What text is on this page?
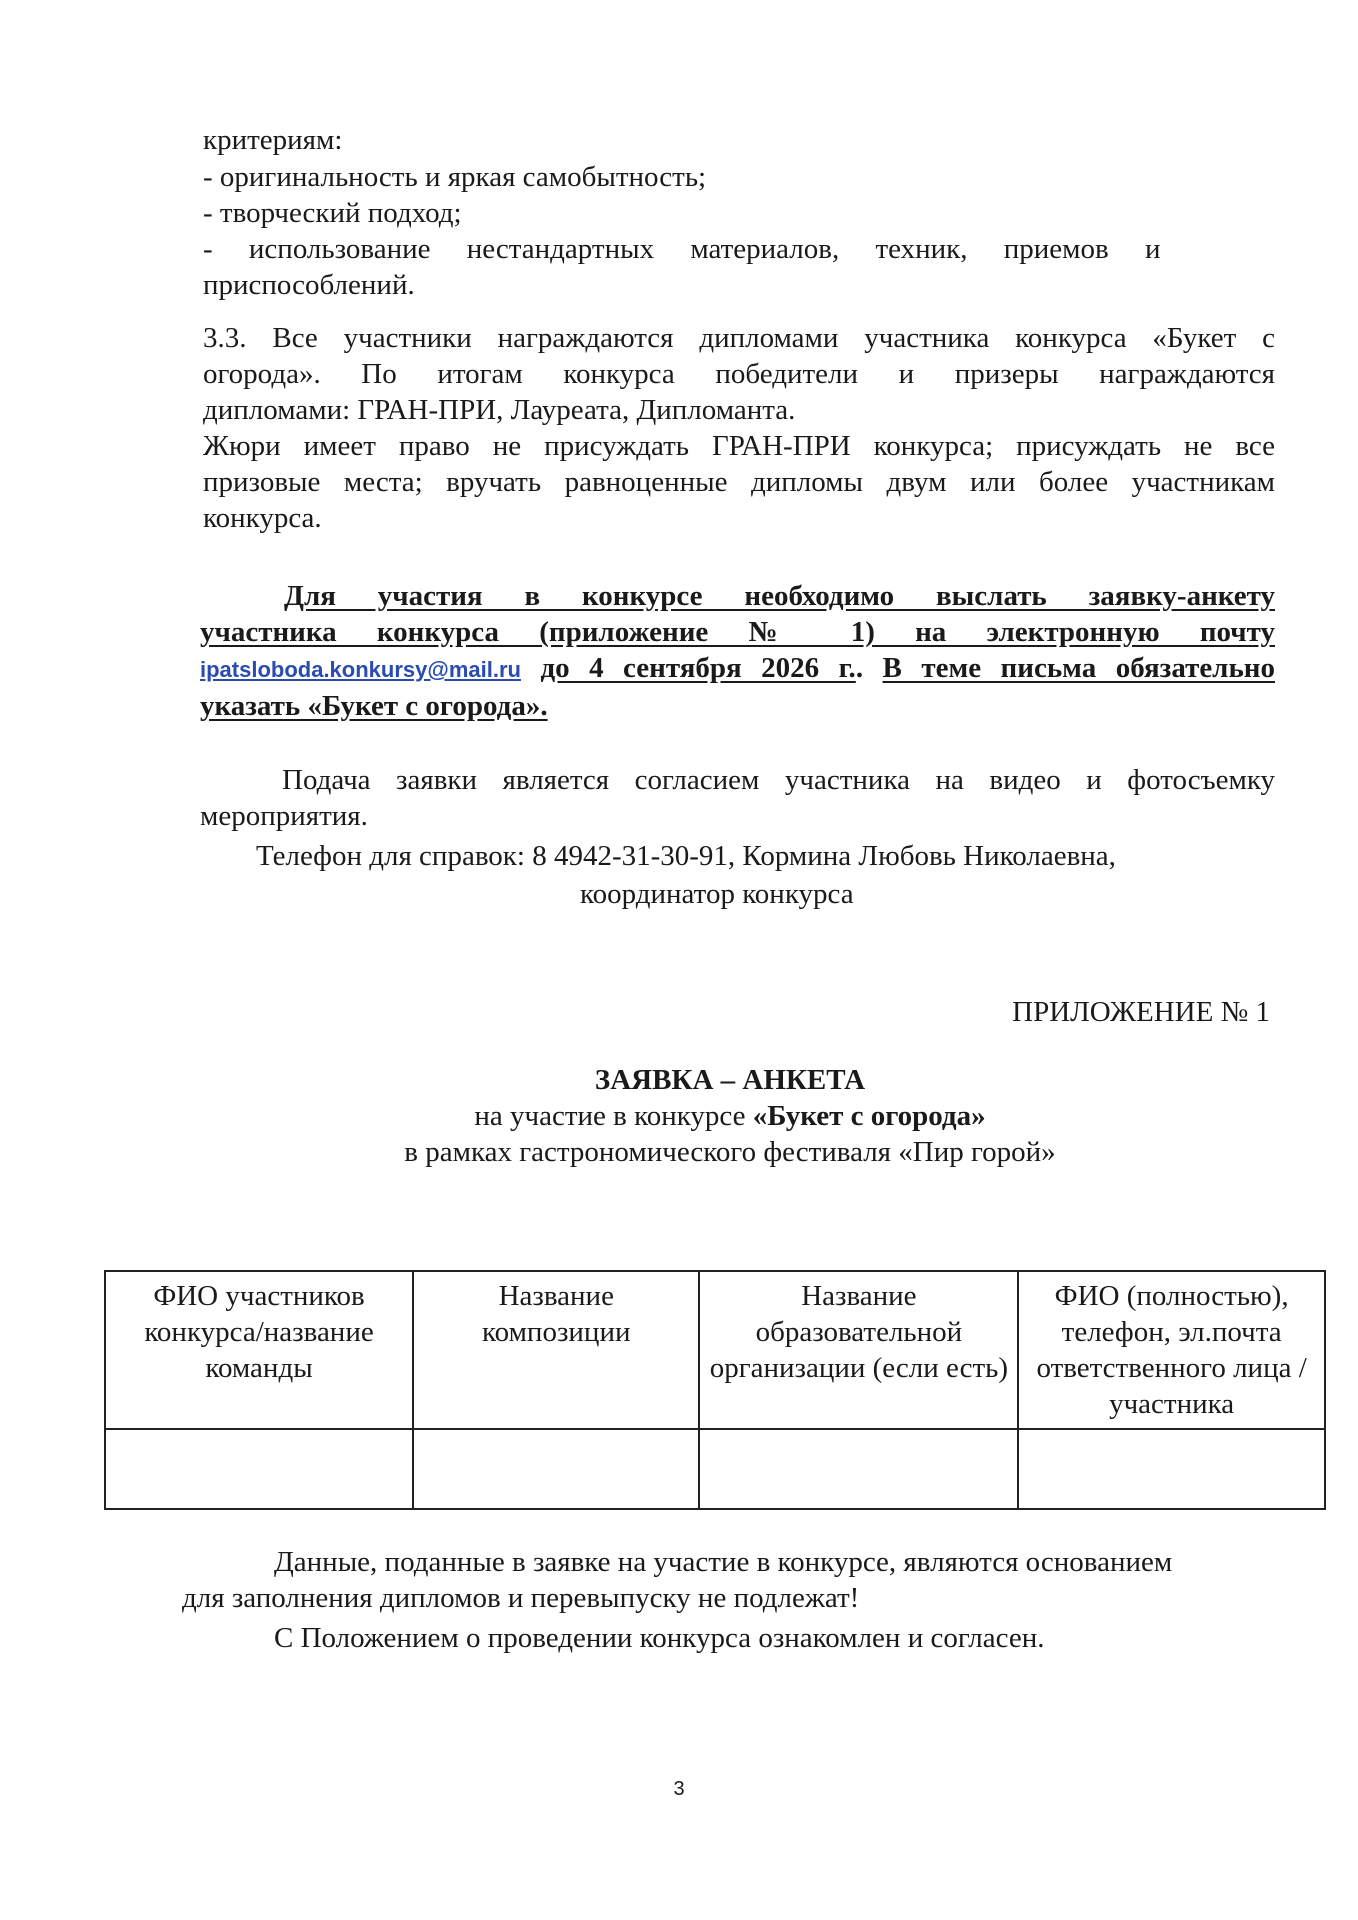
критериям:
- оригинальность и яркая самобытность;
- творческий подход;
-     использование     нестандартных     материалов,     техник,     приемов     и
приспособлений.
3.3. Все участники награждаются дипломами участника конкурса «Букет с
огорода». По итогам конкурса победители и призеры награждаются
дипломами: ГРАН-ПРИ, Лауреата, Дипломанта.
Жюри имеет право не присуждать ГРАН-ПРИ конкурса; присуждать не все
призовые места; вручать равноценные дипломы двум или более участникам
конкурса.
Для участия в конкурсе необходимо выслать заявку-анкету
участника конкурса (приложение № 1) на электронную почту
ipatsloboda.konkursy@mail.ru до 4 сентября 2026 г.. В теме письма обязательно
указать «Букет с огорода».
Подача заявки является согласием участника на видео и фотосъемку
мероприятия.
Телефон для справок: 8 4942-31-30-91, Кормина Любовь Николаевна,
координатор конкурса
ПРИЛОЖЕНИЕ № 1
ЗАЯВКА – АНКЕТА
на участие в конкурсе «Букет с огорода»
в рамках гастрономического фестиваля «Пир горой»
ФИО участников конкурса/название команды	Название композиции	Название образовательной организации (если есть)	ФИО (полностью), телефон, эл.почта ответственного лица /участника

Данные, поданные в заявке на участие в конкурсе, являются основанием
для заполнения дипломов и перевыпуску не подлежат!
С Положением о проведении конкурса ознакомлен и согласен.
3
